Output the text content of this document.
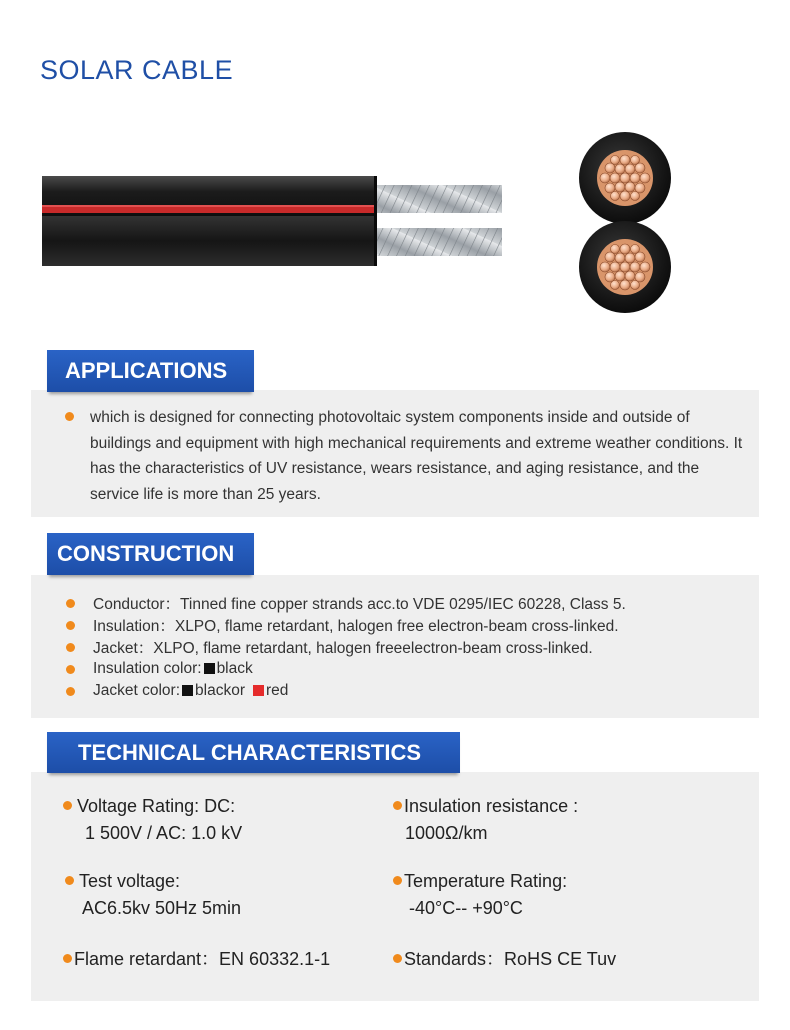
SOLAR CABLE
APPLICATIONS
which is designed for connecting photovoltaic system components inside and outside of buildings and equipment with high mechanical requirements and extreme weather conditions. It has the characteristics of UV resistance, wears resistance, and aging resistance, and the service life is more than 25 years.
CONSTRUCTION
Conductor：Tinned fine copper strands acc.to VDE 0295/IEC 60228, Class 5.
Insulation：XLPO, flame retardant, halogen free electron-beam cross-linked.
Jacket：XLPO, flame retardant, halogen freeelectron-beam cross-linked.
Insulation color: black
Jacket color: blackor red
TECHNICAL CHARACTERISTICS
Voltage Rating: DC:
1 500V / AC: 1.0 kV
Insulation resistance :
1000Ω/km
Test voltage:
AC6.5kv 50Hz 5min
Temperature Rating:
-40°C-- +90°C
Flame retardant：EN 60332.1-1	Standards：RoHS CE Tuv
